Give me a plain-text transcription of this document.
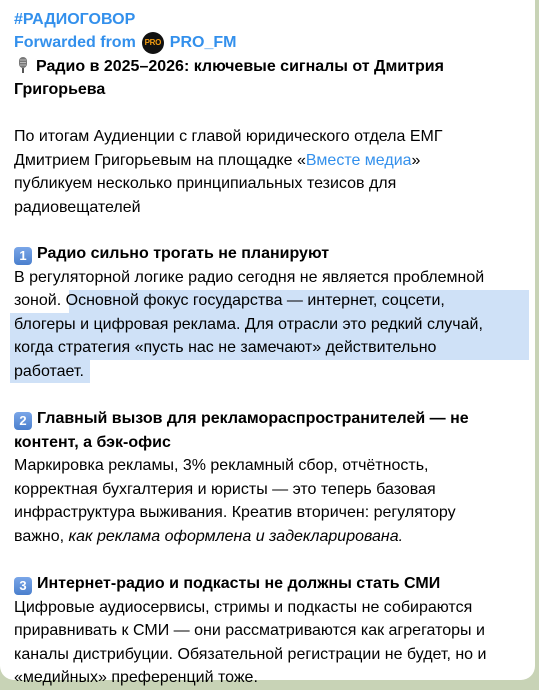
#РАДИОГОВОР
Forwarded from	PRO PRO_FM
Радио в 2025–2026: ключевые сигналы от Дмитрия
Григорьева
По итогам Аудиенции с главой юридического отдела ЕМГ
Дмитрием Григорьевым на площадке «Вместе медиа»
публикуем несколько принципиальных тезисов для
радиовещателей
1 Радио сильно трогать не планируют
В регуляторной логике радио сегодня не является проблемной
зоной. Основной фокус государства — интернет, соцсети,
блогеры и цифровая реклама. Для отрасли это редкий случай,
когда стратегия «пусть нас не замечают» действительно
работает.
2 Главный вызов для рекламораспространителей — не
контент, а бэк-офис
Маркировка рекламы, 3% рекламный сбор, отчётность,
корректная бухгалтерия и юристы — это теперь базовая
инфраструктура выживания. Креатив вторичен: регулятору
важно, как реклама оформлена и задекларирована.
3 Интернет-радио и подкасты не должны стать СМИ
Цифровые аудиосервисы, стримы и подкасты не собираются
приравнивать к СМИ — они рассматриваются как агрегаторы и
каналы дистрибуции. Обязательной регистрации не будет, но и
«медийных» преференций тоже.
